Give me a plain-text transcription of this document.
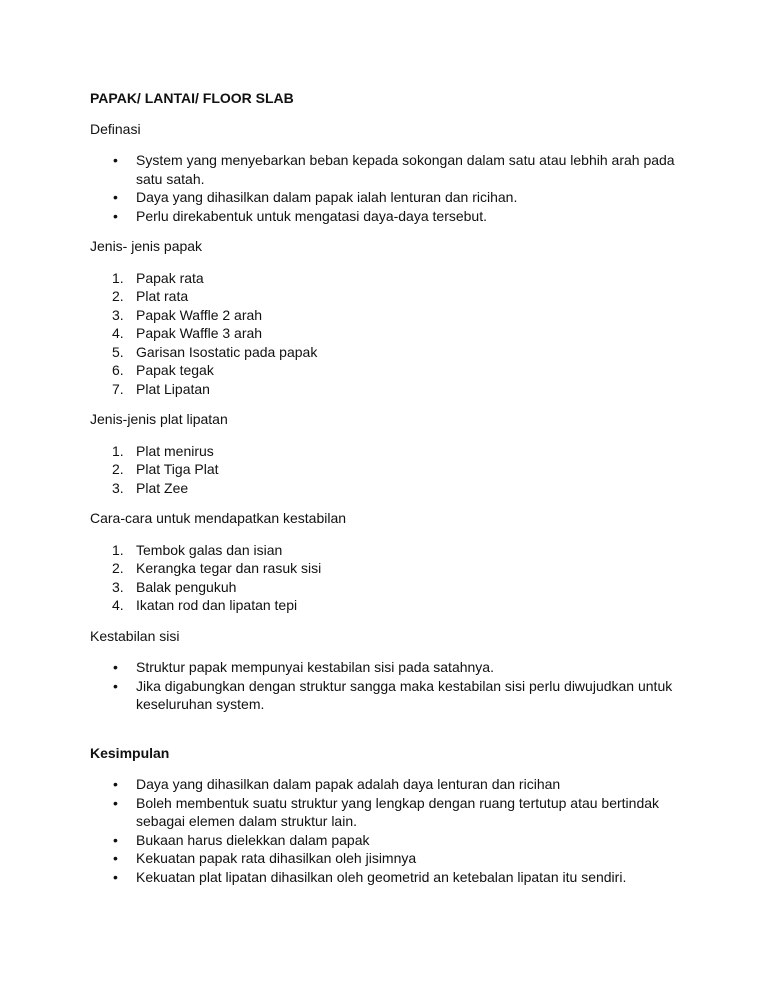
PAPAK/ LANTAI/ FLOOR SLAB
Definasi
• System yang menyebarkan beban kepada sokongan dalam satu atau lebhih arah pada satu satah.
• Daya yang dihasilkan dalam papak ialah lenturan dan ricihan.
• Perlu direkabentuk untuk mengatasi daya-daya tersebut.
Jenis- jenis papak
1. Papak rata
2. Plat rata
3. Papak Waffle 2 arah
4. Papak Waffle 3 arah
5. Garisan Isostatic pada papak
6. Papak tegak
7. Plat Lipatan
Jenis-jenis plat lipatan
1. Plat menirus
2. Plat Tiga Plat
3. Plat Zee
Cara-cara untuk mendapatkan kestabilan
1. Tembok galas dan isian
2. Kerangka tegar dan rasuk sisi
3. Balak pengukuh
4. Ikatan rod dan lipatan tepi
Kestabilan sisi
• Struktur papak mempunyai kestabilan sisi pada satahnya.
• Jika digabungkan dengan struktur sangga maka kestabilan sisi perlu diwujudkan untuk keseluruhan system.
Kesimpulan
• Daya yang dihasilkan dalam papak adalah daya lenturan dan ricihan
• Boleh membentuk suatu struktur yang lengkap dengan ruang tertutup atau bertindak sebagai elemen dalam struktur lain.
• Bukaan harus dielekkan dalam papak
• Kekuatan papak rata dihasilkan oleh jisimnya
• Kekuatan plat lipatan dihasilkan oleh geometrid an ketebalan lipatan itu sendiri.
